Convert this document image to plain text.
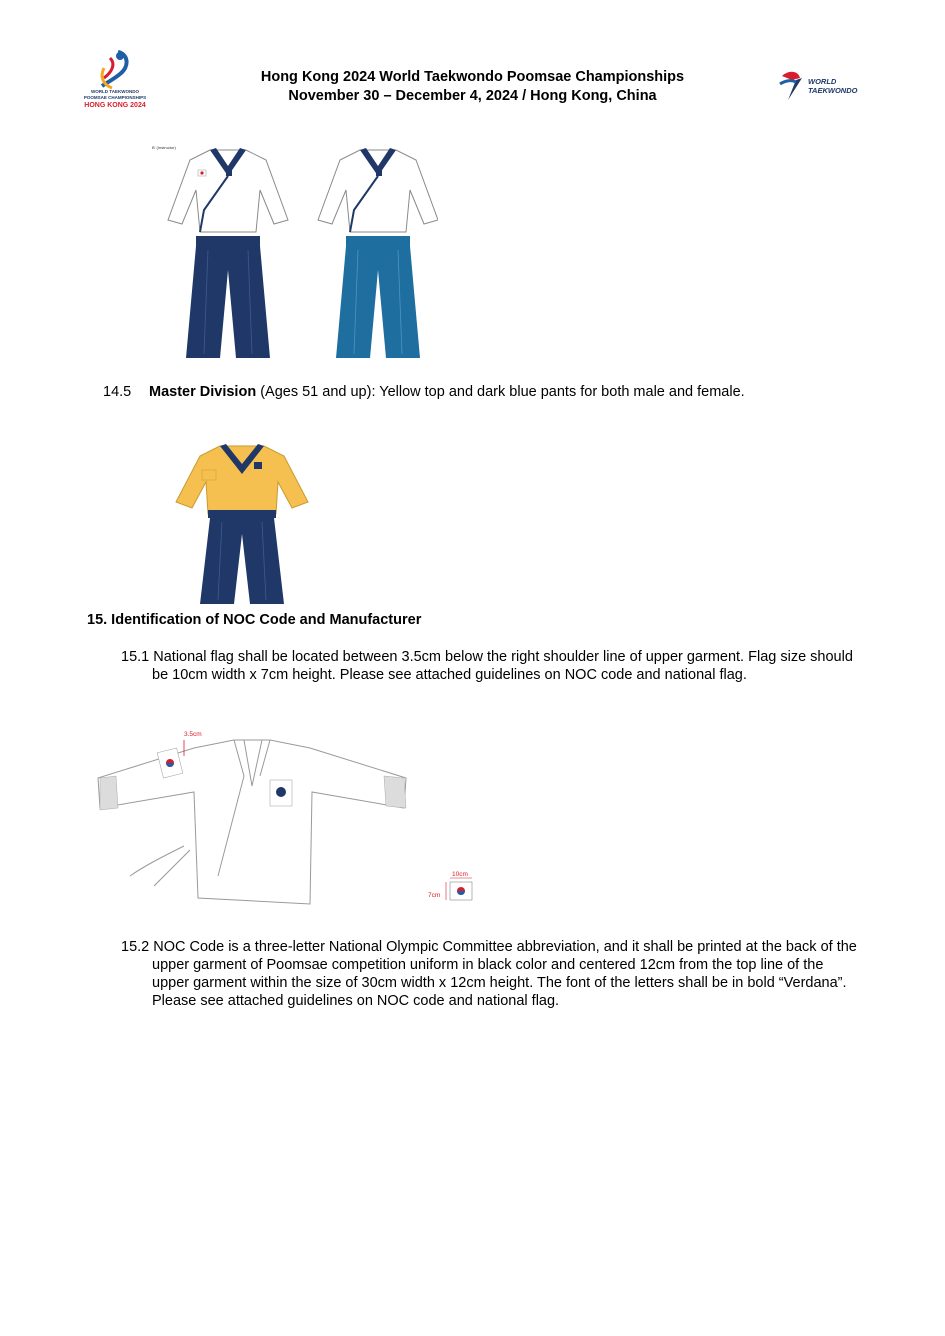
WORLD TAEKWONDO
POOMSAE CHAMPIONSHIPS
HONG KONG 2024
Hong Kong 2024 World Taekwondo Poomsae Championships
November 30 – December 4, 2024 / Hong Kong, China
WORLD
TAEKWONDO
B' (Instructor)
14.5 Master Division (Ages 51 and up): Yellow top and dark blue pants for both male and female.
15. Identification of NOC Code and Manufacturer
15.1 National flag shall be located between 3.5cm below the right shoulder line of upper garment. Flag size should be 10cm width x 7cm height. Please see attached guidelines on NOC code and national flag.
3.5cm
10cm
7cm
15.2 NOC Code is a three-letter National Olympic Committee abbreviation, and it shall be printed at the back of the upper garment of Poomsae competition uniform in black color and centered 12cm from the top line of the upper garment within the size of 30cm width x 12cm height. The font of the letters shall be in bold “Verdana”. Please see attached guidelines on NOC code and national flag.
